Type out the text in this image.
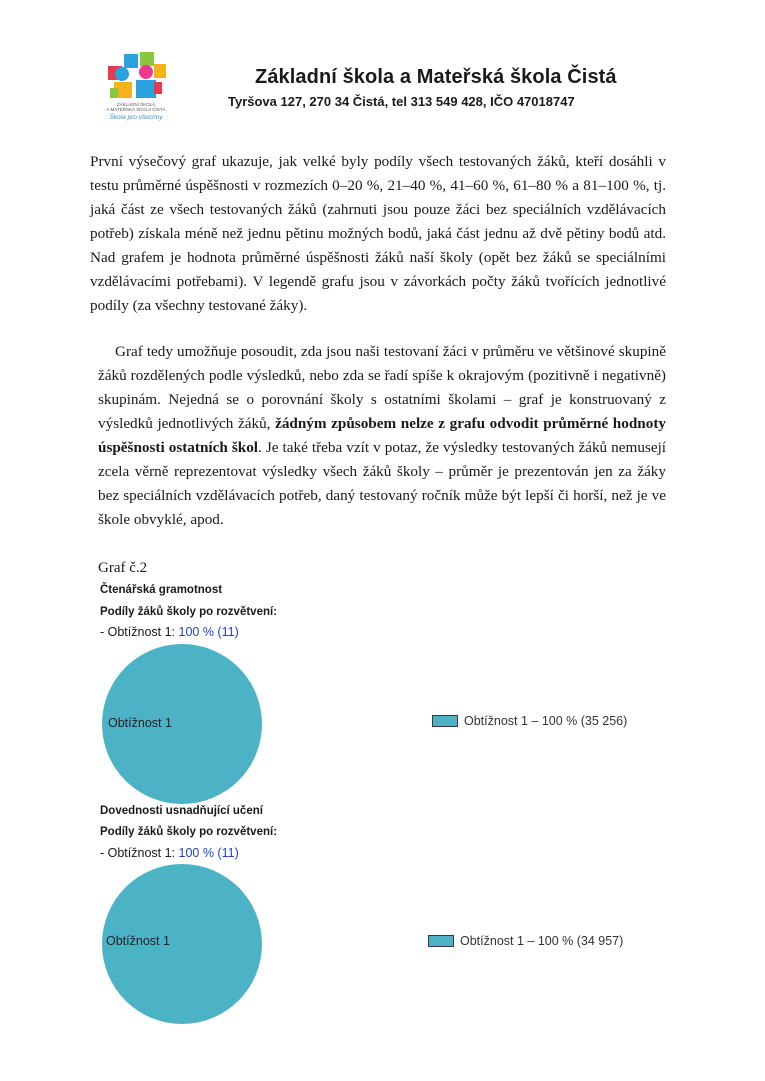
ZÁKLADNÍ ŠKOLA
A MATEŘSKÁ ŠKOLA ČISTÁ
Škola pro všechny
Základní škola a Mateřská škola Čistá
Tyršova 127, 270 34 Čistá, tel 313 549 428, IČO 47018747

První výsečový graf ukazuje, jak velké byly podíly všech testovaných žáků, kteří dosáhli v testu průměrné úspěšnosti v rozmezích 0–20 %, 21–40 %, 41–60 %, 61–80 % a 81–100 %, tj. jaká část ze všech testovaných žáků (zahrnuti jsou pouze žáci bez speciálních vzdělávacích potřeb) získala méně než jednu pětinu možných bodů, jaká část jednu až dvě pětiny bodů atd. Nad grafem je hodnota průměrné úspěšnosti žáků naší školy (opět bez žáků se speciálními vzdělávacími potřebami). V legendě grafu jsou v závorkách počty žáků tvořících jednotlivé podíly (za všechny testované žáky).

Graf tedy umožňuje posoudit, zda jsou naši testovaní žáci v průměru ve většinové skupině žáků rozdělených podle výsledků, nebo zda se řadí spíše k okrajovým (pozitivně i negativně) skupinám. Nejedná se o porovnání školy s ostatními školami – graf je konstruovaný z výsledků jednotlivých žáků, žádným způsobem nelze z grafu odvodit průměrné hodnoty úspěšnosti ostatních škol. Je také třeba vzít v potaz, že výsledky testovaných žáků nemusejí zcela věrně reprezentovat výsledky všech žáků školy – průměr je prezentován jen za žáky bez speciálních vzdělávacích potřeb, daný testovaný ročník může být lepší či horší, než je ve škole obvyklé, apod.

Graf č.2
Čtenářská gramotnost
Podíly žáků školy po rozvětvení:
- Obtížnost 1: 100 % (11)
Obtížnost 1	Obtížnost 1 – 100 % (35 256)
Dovednosti usnadňující učení
Podíly žáků školy po rozvětvení:
- Obtížnost 1: 100 % (11)
Obtížnost 1	Obtížnost 1 – 100 % (34 957)
